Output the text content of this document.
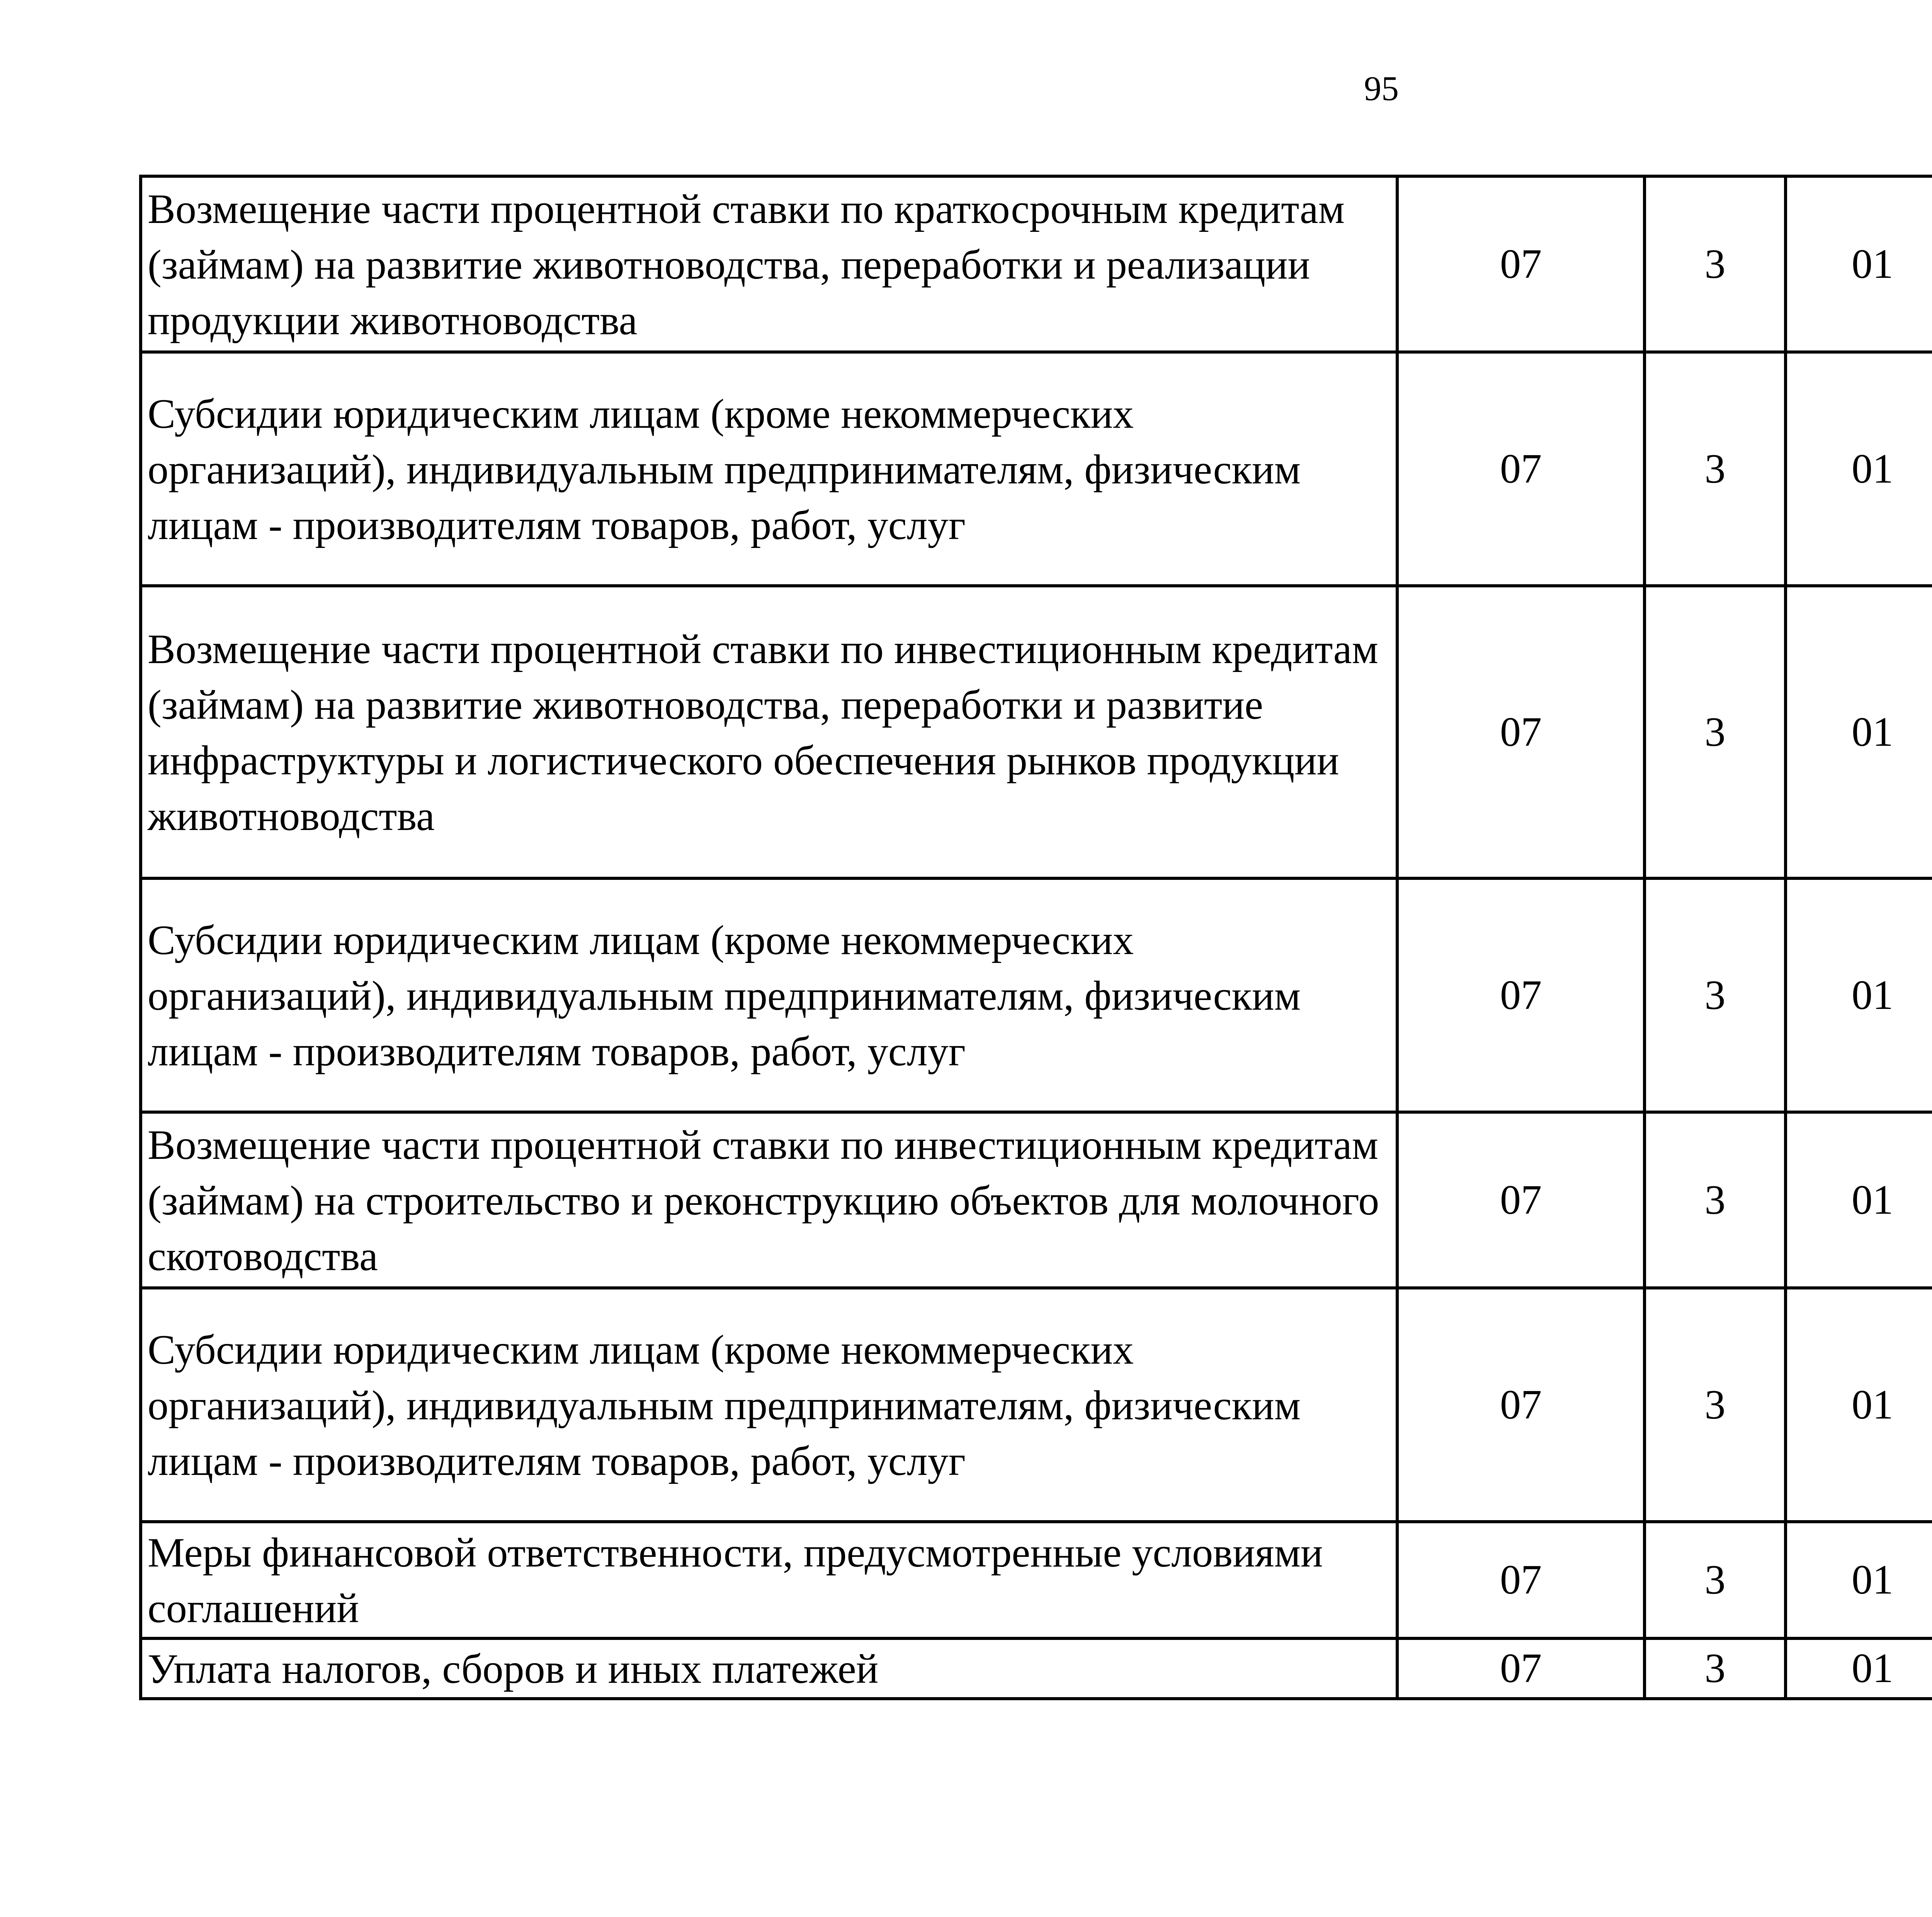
95
Возмещение части процентной ставки по краткосрочным кредитам (займам) на развитие животноводства, переработки и реализации продукции животноводства	07	3	01			
Субсидии юридическим лицам (кроме некоммерческих организаций), индивидуальным предпринимателям, физическим лицам - производителям товаров, работ, услуг	07	3	01			
Возмещение части процентной ставки по инвестиционным кредитам (займам) на развитие животноводства, переработки и развитие инфраструктуры и логистического обеспечения рынков продукции животноводства	07	3	01			
Субсидии юридическим лицам (кроме некоммерческих организаций), индивидуальным предпринимателям, физическим лицам - производителям товаров, работ, услуг	07	3	01			
Возмещение части процентной ставки по инвестиционным кредитам (займам) на строительство и реконструкцию объектов для молочного скотоводства	07	3	01			
Субсидии юридическим лицам (кроме некоммерческих организаций), индивидуальным предпринимателям, физическим лицам - производителям товаров, работ, услуг	07	3	01			
Меры финансовой ответственности, предусмотренные условиями соглашений	07	3	01			
Уплата налогов, сборов и иных платежей	07	3	01			
